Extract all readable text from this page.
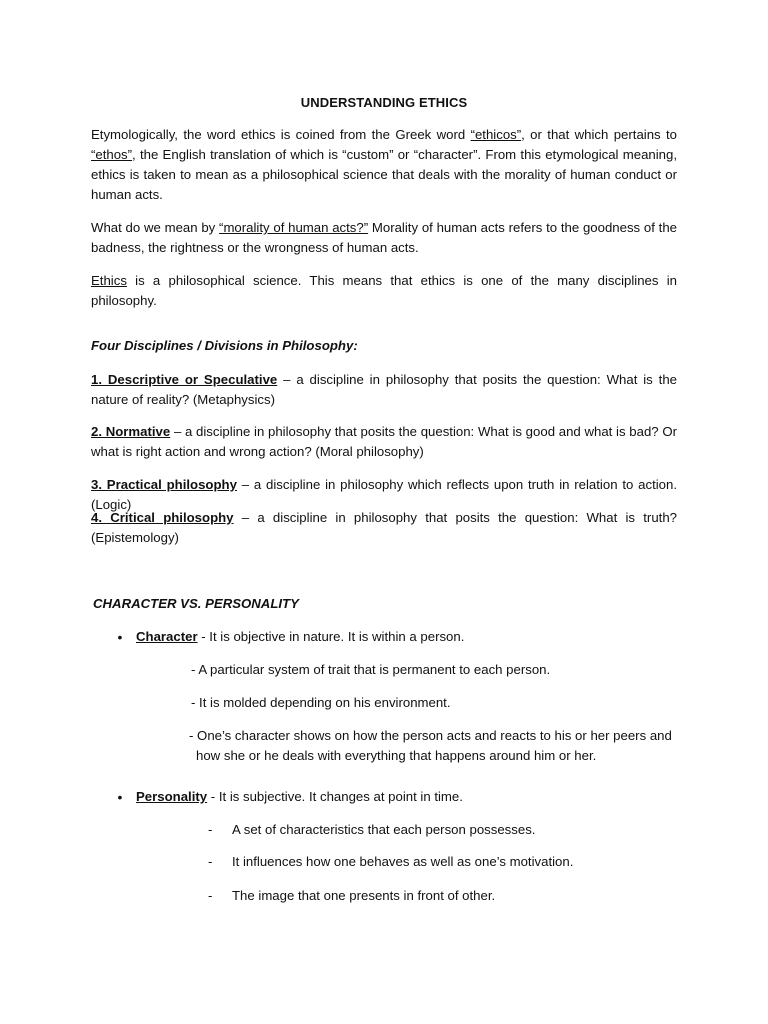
UNDERSTANDING ETHICS
Etymologically, the word ethics is coined from the Greek word “ethicos”, or that which pertains to “ethos”, the English translation of which is “custom” or “character”. From this etymological meaning, ethics is taken to mean as a philosophical science that deals with the morality of human conduct or human acts.
What do we mean by “morality of human acts?” Morality of human acts refers to the goodness of the badness, the rightness or the wrongness of human acts.
Ethics is a philosophical science. This means that ethics is one of the many disciplines in philosophy.
Four Disciplines / Divisions in Philosophy:
1. Descriptive or Speculative – a discipline in philosophy that posits the question: What is the nature of reality? (Metaphysics)
2. Normative – a discipline in philosophy that posits the question: What is good and what is bad? Or what is right action and wrong action? (Moral philosophy)
3. Practical philosophy – a discipline in philosophy which reflects upon truth in relation to action. (Logic)
4. Critical philosophy – a discipline in philosophy that posits the question: What is truth? (Epistemology)
CHARACTER VS. PERSONALITY
• Character - It is objective in nature. It is within a person.
- A particular system of trait that is permanent to each person.
- It is molded depending on his environment.
- One’s character shows on how the person acts and reacts to his or her peers and
how she or he deals with everything that happens around him or her.
• Personality - It is subjective. It changes at point in time.
- A set of characteristics that each person possesses.
- It influences how one behaves as well as one’s motivation.
- The image that one presents in front of other.
